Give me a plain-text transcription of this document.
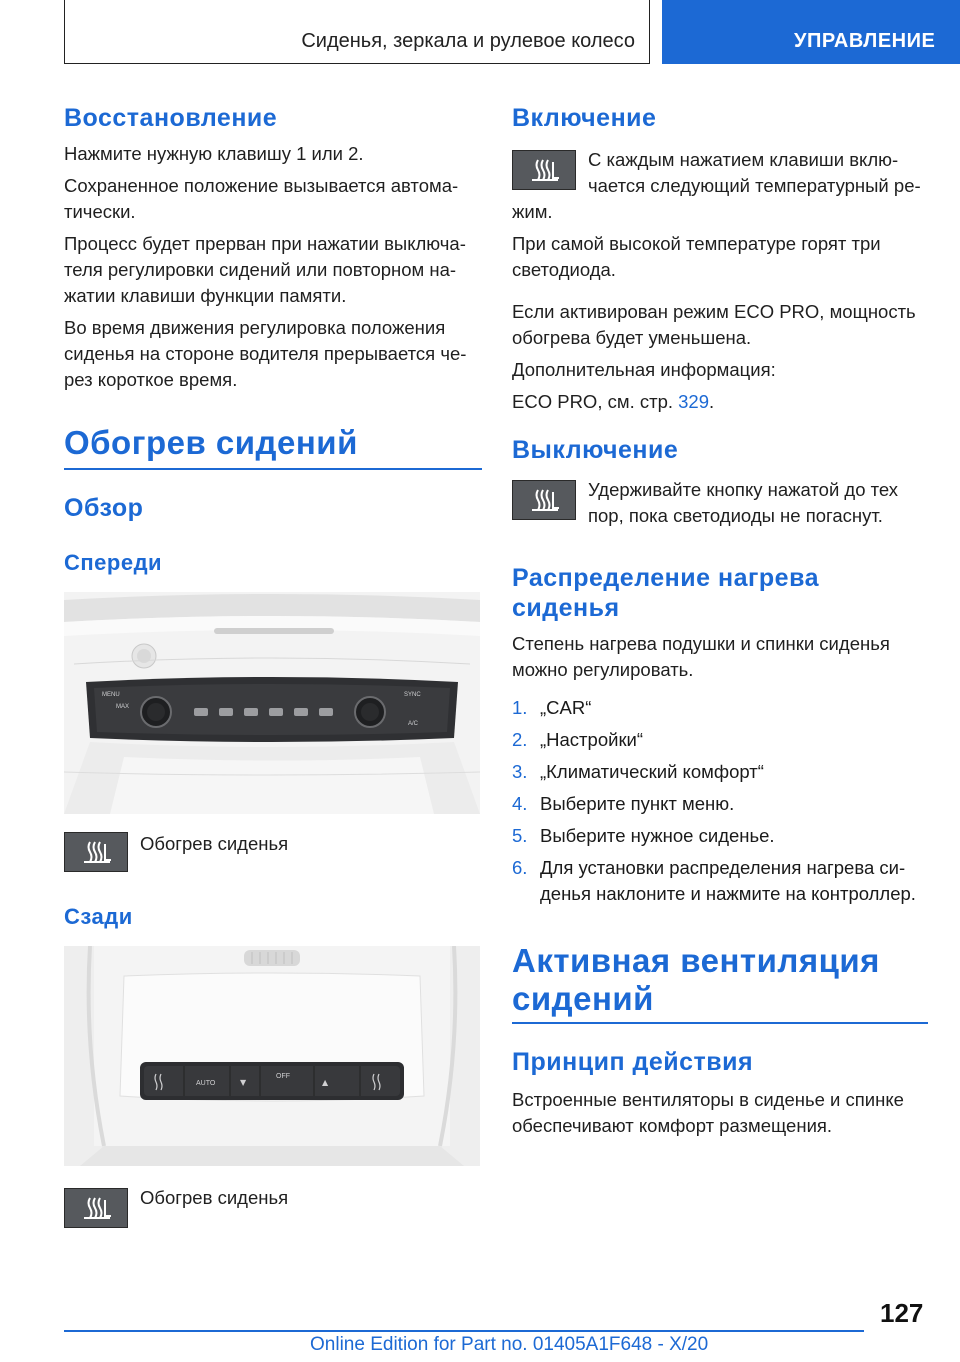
Сиденья, зеркала и рулевое колесо	УПРАВЛЕНИЕ
Восстановление
Нажмите нужную клавишу 1 или 2.
Сохраненное положение вызывается автома-
тически.
Процесс будет прерван при нажатии выключа-
теля регулировки сидений или повторном на-
жатии клавиши функции памяти.
Во время движения регулировка положения
сиденья на стороне водителя прерывается че-
рез короткое время.
Обогрев сидений
Обзор
Спереди
MENU
MAX
SYNC
A/C
Обогрев сиденья
Сзади
AUTO	▼
OFF
▲
Обогрев сиденья
Включение
С каждым нажатием клавиши вклю-
чается следующий температурный ре-
жим.
При самой высокой температуре горят три
светодиода.
Если активирован режим ECO PRO, мощность
обогрева будет уменьшена.
Дополнительная информация:
ECO PRO, см. стр. 329.
Выключение
Удерживайте кнопку нажатой до тех
пор, пока светодиоды не погаснут.
Распределение нагрева
сиденья
Степень нагрева подушки и спинки сиденья
можно регулировать.
1. „CAR“
2. „Настройки“
3. „Климатический комфорт“
4. Выберите пункт меню.
5. Выберите нужное сиденье.
6. Для установки распределения нагрева си-
денья наклоните и нажмите на контроллер.
Активная вентиляция
сидений
Принцип действия
Встроенные вентиляторы в сиденье и спинке
обеспечивают комфорт размещения.
127
Online Edition for Part no. 01405A1F648 - X/20
